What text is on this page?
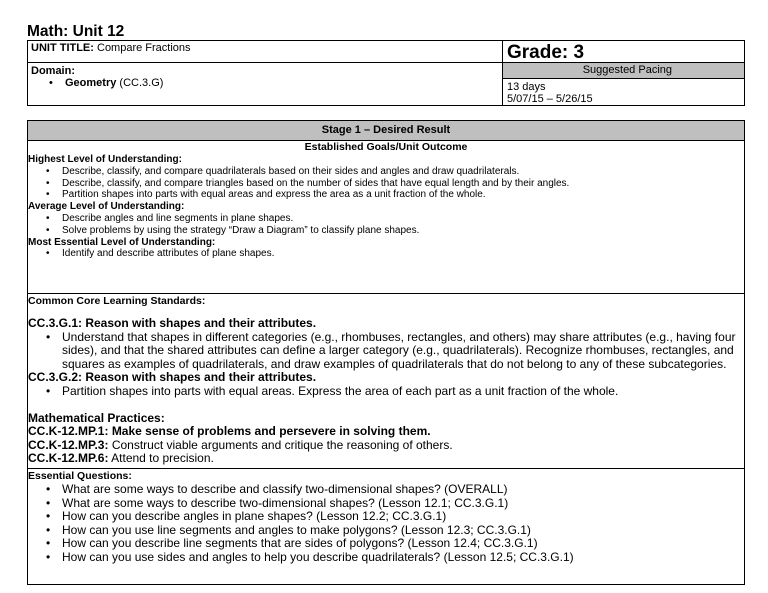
Math: Unit 12
UNIT TITLE: Compare Fractions	Grade: 3
Domain:
• Geometry (CC.3.G)
Suggested Pacing
13 days
5/07/15 – 5/26/15
Stage 1 – Desired Result
Established Goals/Unit Outcome
Highest Level of Understanding:
• Describe, classify, and compare quadrilaterals based on their sides and angles and draw quadrilaterals.
• Describe, classify, and compare triangles based on the number of sides that have equal length and by their angles.
• Partition shapes into parts with equal areas and express the area as a unit fraction of the whole.
Average Level of Understanding:
• Describe angles and line segments in plane shapes.
• Solve problems by using the strategy “Draw a Diagram” to classify plane shapes.
Most Essential Level of Understanding:
• Identify and describe attributes of plane shapes.
Common Core Learning Standards:
CC.3.G.1: Reason with shapes and their attributes.
• Understand that shapes in different categories (e.g., rhombuses, rectangles, and others) may share attributes (e.g., having four sides), and that the shared attributes can define a larger category (e.g., quadrilaterals). Recognize rhombuses, rectangles, and squares as examples of quadrilaterals, and draw examples of quadrilaterals that do not belong to any of these subcategories.
CC.3.G.2: Reason with shapes and their attributes.
• Partition shapes into parts with equal areas. Express the area of each part as a unit fraction of the whole.
Mathematical Practices:
CC.K-12.MP.1: Make sense of problems and persevere in solving them.
CC.K-12.MP.3: Construct viable arguments and critique the reasoning of others.
CC.K-12.MP.6: Attend to precision.
Essential Questions:
• What are some ways to describe and classify two-dimensional shapes? (OVERALL)
• What are some ways to describe two-dimensional shapes? (Lesson 12.1; CC.3.G.1)
• How can you describe angles in plane shapes? (Lesson 12.2; CC.3.G.1)
• How can you use line segments and angles to make polygons? (Lesson 12.3; CC.3.G.1)
• How can you describe line segments that are sides of polygons? (Lesson 12.4; CC.3.G.1)
• How can you use sides and angles to help you describe quadrilaterals? (Lesson 12.5; CC.3.G.1)
